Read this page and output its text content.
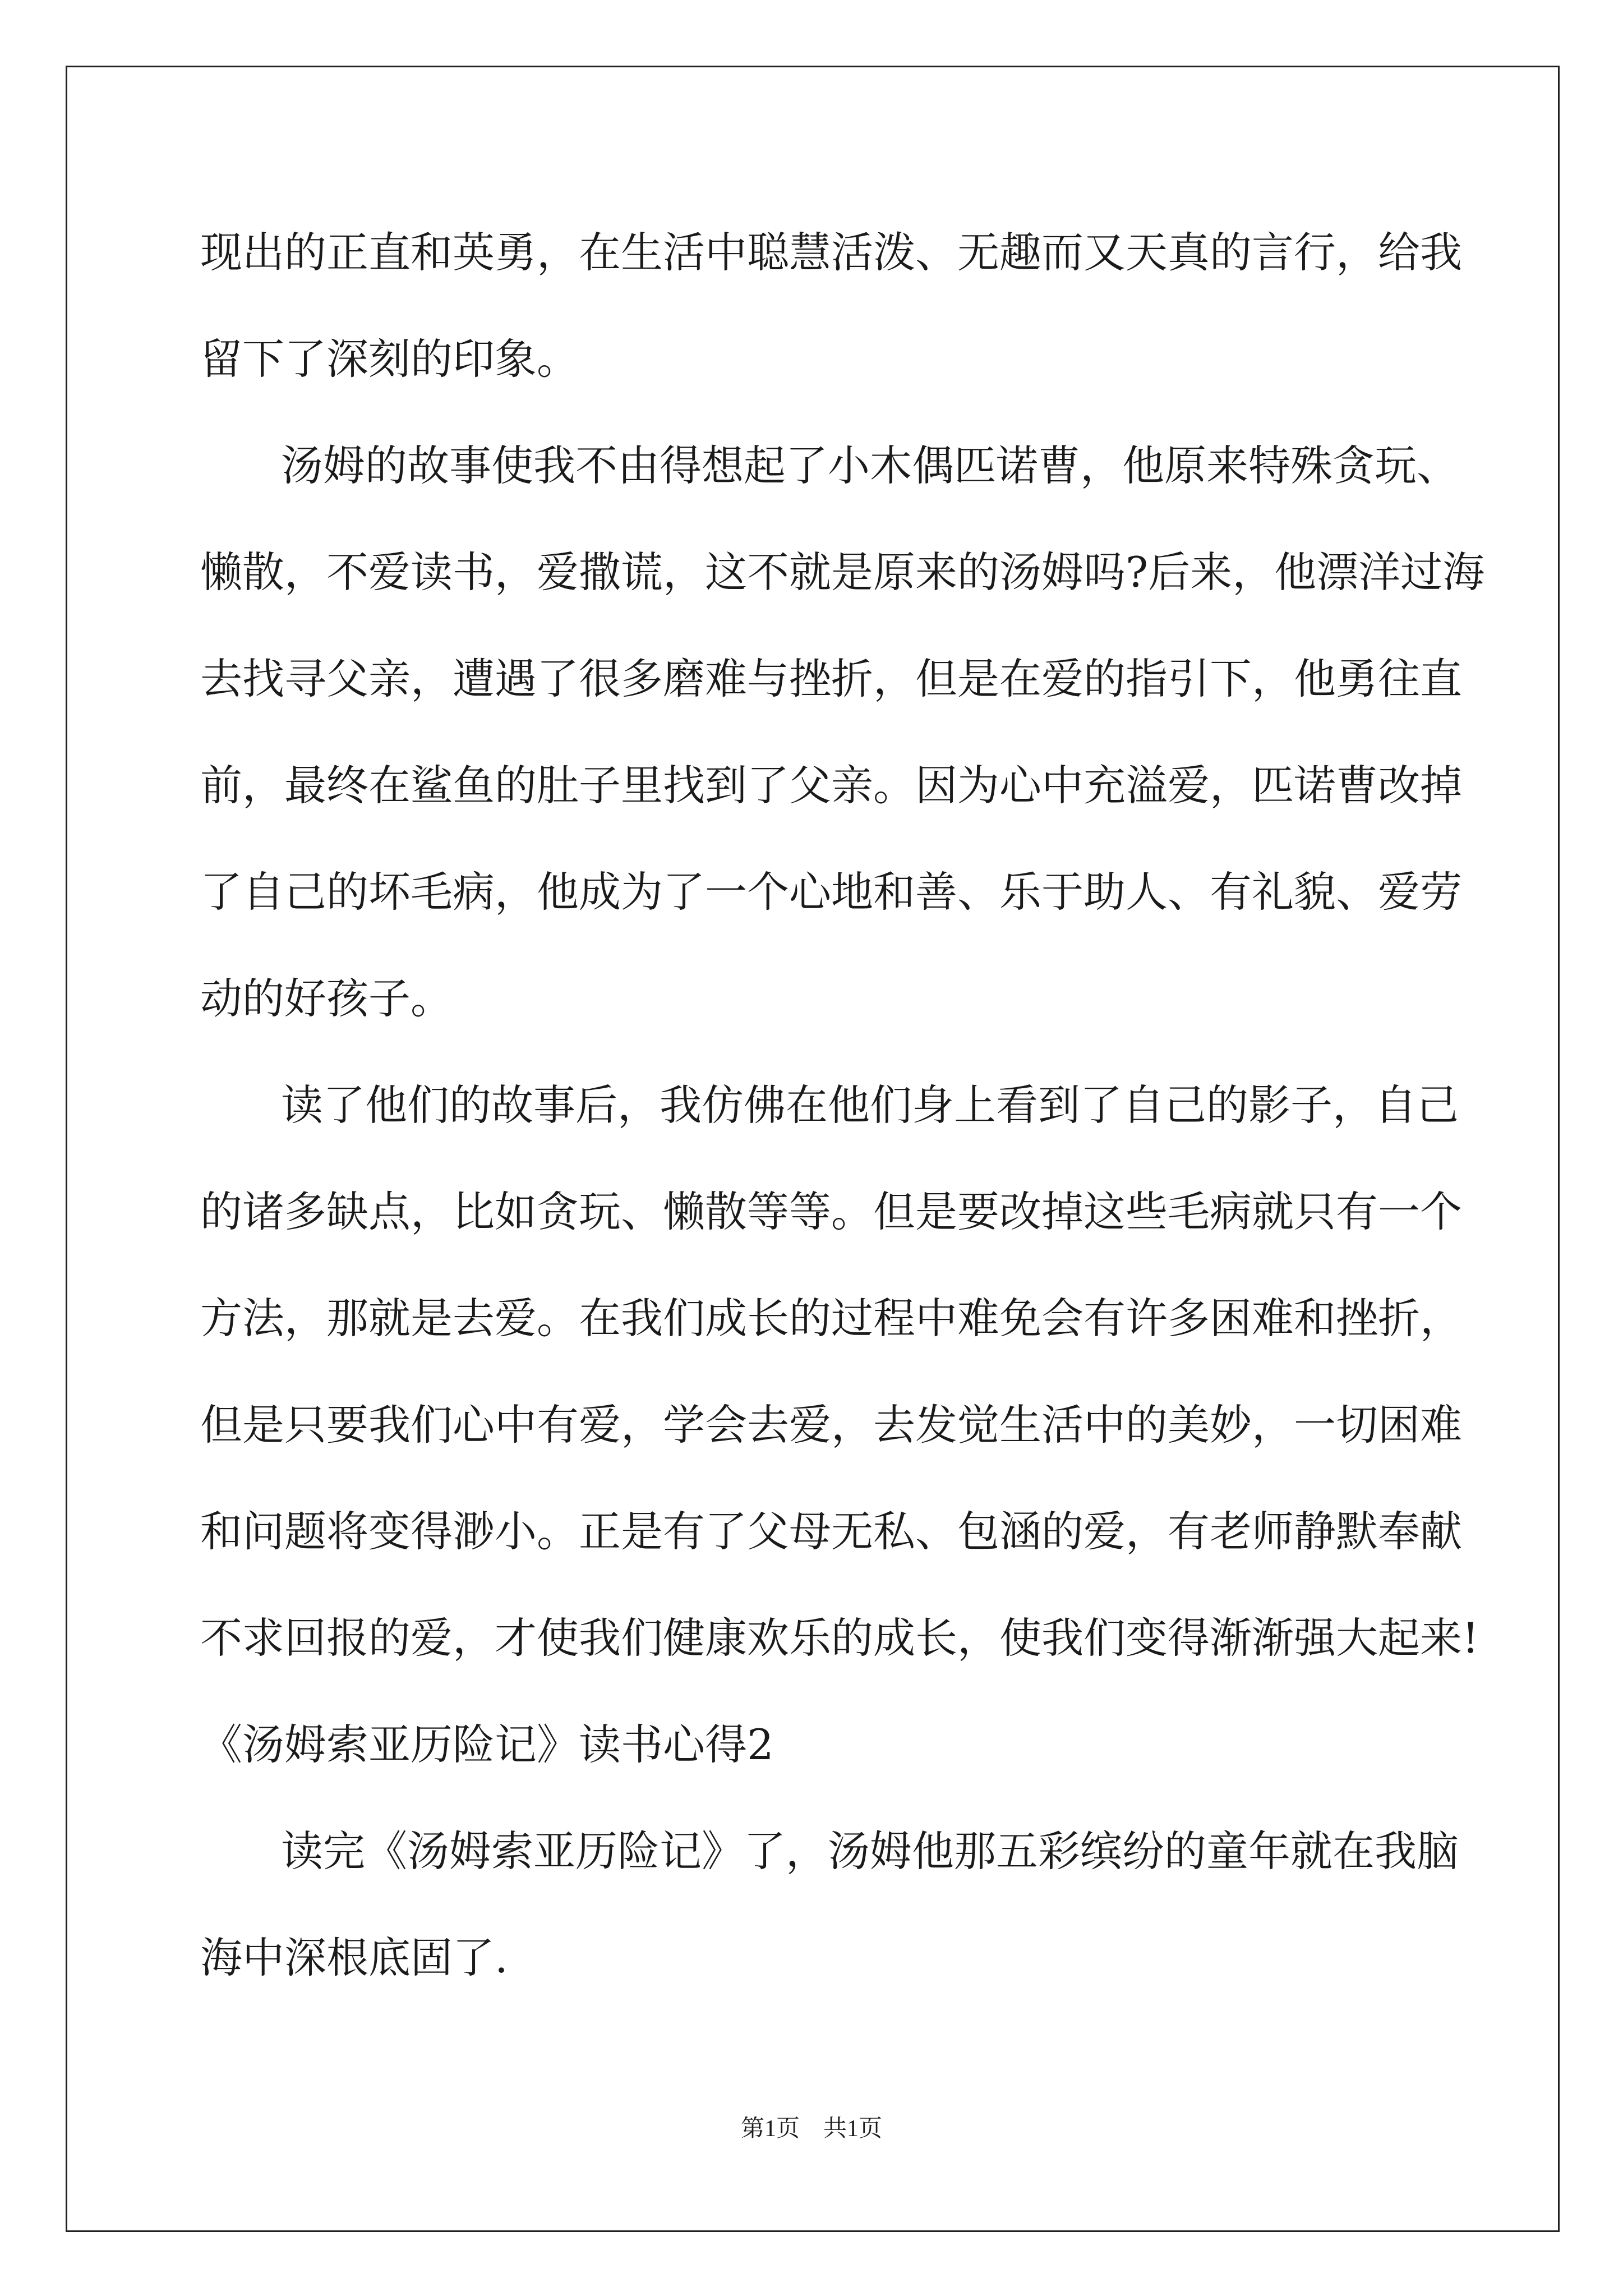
现出的正直和英勇，在生活中聪慧活泼、无趣而又天真的言行，给我
留下了深刻的印象。
汤姆的故事使我不由得想起了小木偶匹诺曹，他原来特殊贪玩、
懒散，不爱读书，爱撒谎，这不就是原来的汤姆吗?后来，他漂洋过海
去找寻父亲，遭遇了很多磨难与挫折，但是在爱的指引下，他勇往直
前，最终在鲨鱼的肚子里找到了父亲。因为心中充溢爱，匹诺曹改掉
了自己的坏毛病，他成为了一个心地和善、乐于助人、有礼貌、爱劳
动的好孩子。
读了他们的故事后，我仿佛在他们身上看到了自己的影子，自己
的诸多缺点，比如贪玩、懒散等等。但是要改掉这些毛病就只有一个
方法，那就是去爱。在我们成长的过程中难免会有许多困难和挫折，
但是只要我们心中有爱，学会去爱，去发觉生活中的美妙，一切困难
和问题将变得渺小。正是有了父母无私、包涵的爱，有老师静默奉献
不求回报的爱，才使我们健康欢乐的成长，使我们变得渐渐强大起来!
《汤姆索亚历险记》读书心得2
读完《汤姆索亚历险记》了，汤姆他那五彩缤纷的童年就在我脑
海中深根底固了.
第1页　共1页
